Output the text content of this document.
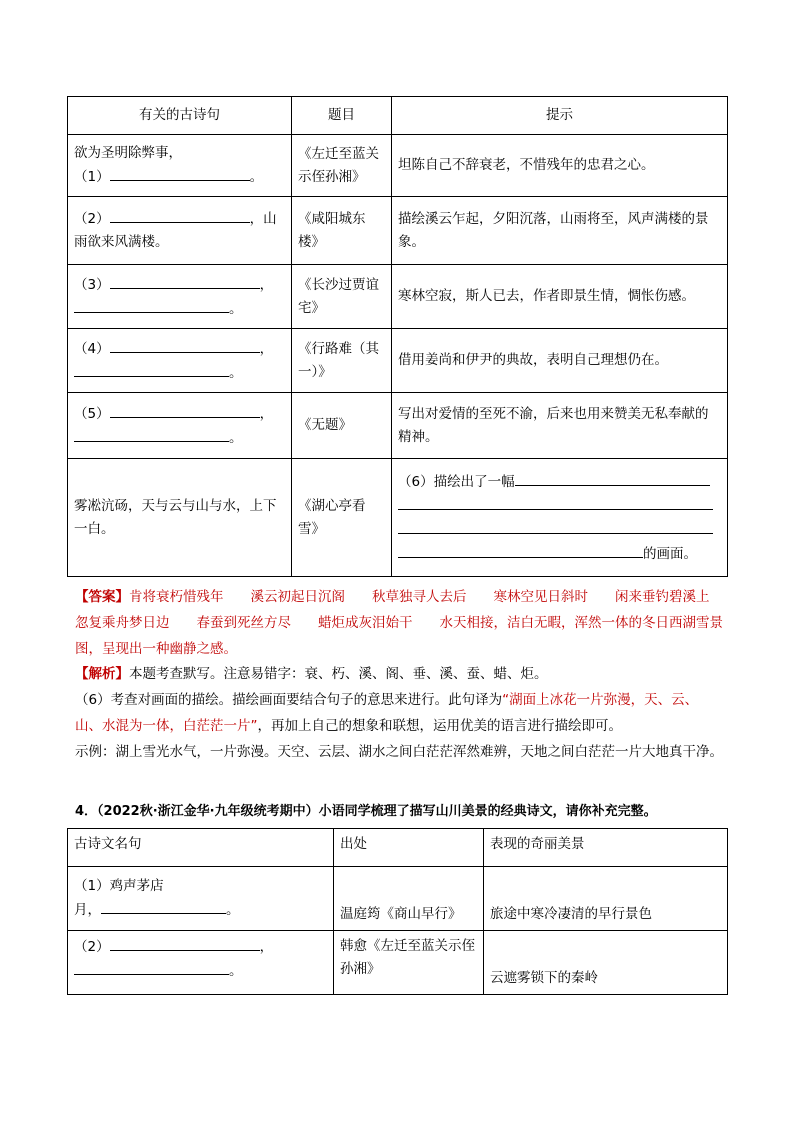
有关的古诗句	题目	提示
欲为圣明除弊事，
（1） 。	《左迁至蓝关示侄孙湘》	坦陈自己不辞衰老，不惜残年的忠君之心。
（2） ，山
雨欲来风满楼。	《咸阳城东楼》	描绘溪云乍起，夕阳沉落，山雨将至，风声满楼的景象。
（3） ，
。	《长沙过贾谊宅》	寒林空寂，斯人已去，作者即景生情，惆怅伤感。
（4） ，
。	《行路难（其一）》	借用姜尚和伊尹的典故，表明自己理想仍在。
（5） ，
。	《无题》	写出对爱情的至死不渝，后来也用来赞美无私奉献的精神。
雾凇沆砀，天与云与山与水，上下一白。	《湖心亭看雪》	（6）描绘出了一幅

的画面。
【答案】肯将衰朽惜残年　　溪云初起日沉阁　　秋草独寻人去后　　寒林空见日斜时　　闲来垂钓碧溪上　　忽复乘舟梦日边　　春蚕到死丝方尽　　蜡炬成灰泪始干　　水天相接，洁白无暇，浑然一体的冬日西湖雪景图，呈现出一种幽静之感。
【解析】本题考查默写。注意易错字：衰、朽、溪、阁、垂、溪、蚕、蜡、炬。
（6）考查对画面的描绘。描绘画面要结合句子的意思来进行。此句译为“湖面上冰花一片弥漫，天、云、山、水混为一体，白茫茫一片”，再加上自己的想象和联想，运用优美的语言进行描绘即可。
示例：湖上雪光水气，一片弥漫。天空、云层、湖水之间白茫茫浑然难辨，天地之间白茫茫一片大地真干净。
4．（2022秋·浙江金华·九年级统考期中）小语同学梳理了描写山川美景的经典诗文，请你补充完整。
古诗文名句	出处	表现的奇丽美景
（1）鸡声茅店
月， 。	温庭筠《商山早行》	旅途中寒冷凄清的早行景色
（2） ，
。	韩愈《左迁至蓝关示侄孙湘》	云遮雾锁下的秦岭
